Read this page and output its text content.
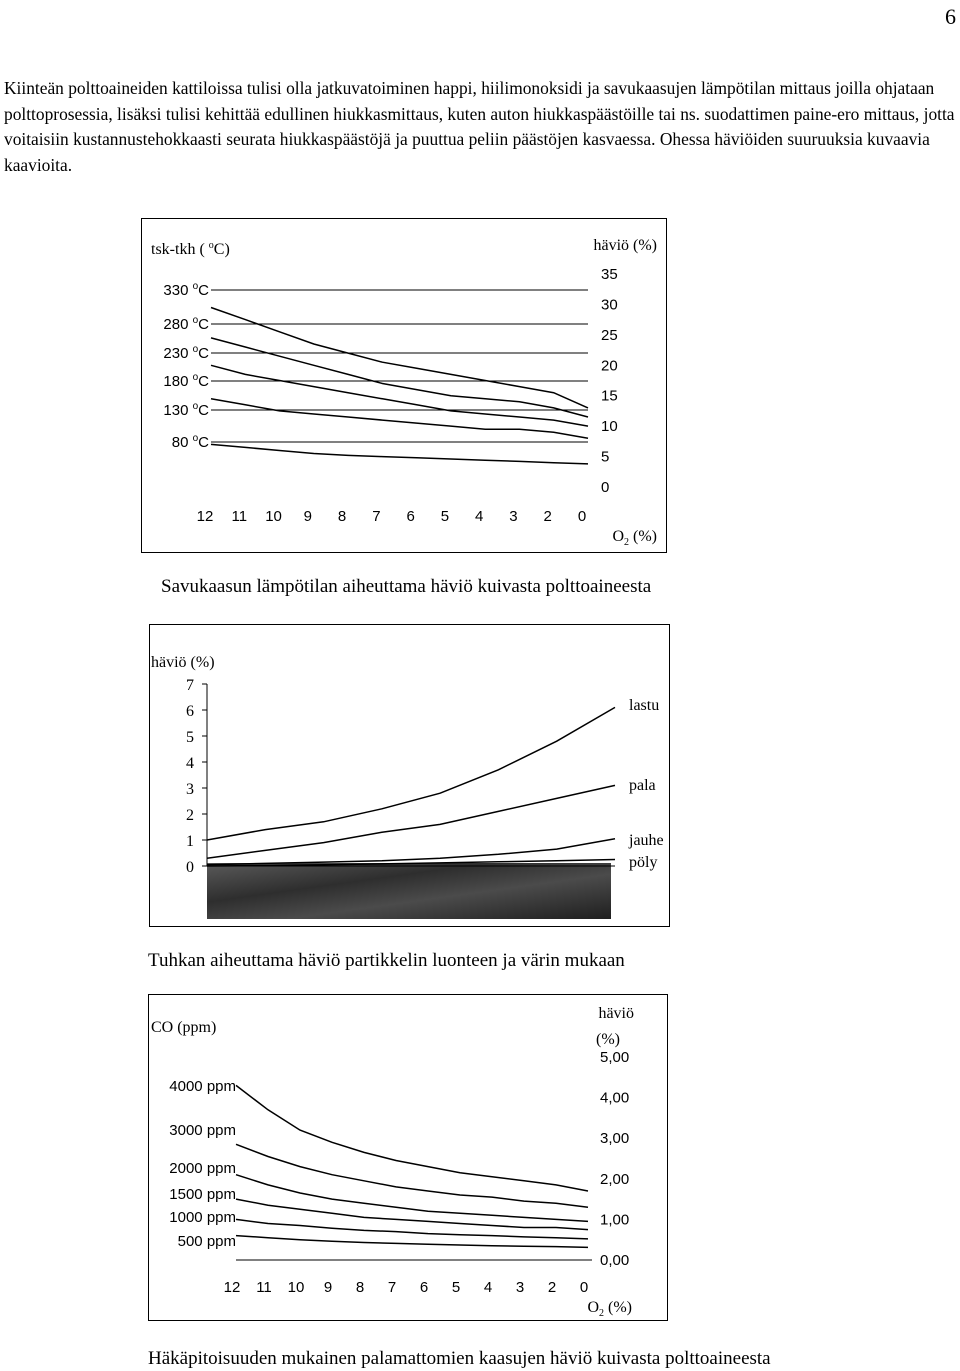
6

Kiinteän polttoaineiden kattiloissa tulisi olla jatkuvatoiminen happi, hiilimonoksidi ja savukaasujen lämpötilan mittaus joilla ohjataan polttoprosessia, lisäksi tulisi kehittää edullinen hiukkasmittaus, kuten auton hiukkaspäästöille tai ns. suodattimen paine-ero mittaus, jotta voitaisiin kustannustehokkaasti seurata hiukkaspäästöjä ja puuttua peliin päästöjen kasvaessa. Ohessa häviöiden suuruuksia kuvaavia kaavioita.

tsk-tkh ( $^o$C)	häviö (%)
35
30
25
20
15
10
5
0
330 $^o$C
280 $^o$C
230 $^o$C
180 $^o$C
130 $^o$C
80 $^o$C
12 11 10 9 8 7 6 5 4 3 2 0
$O_2$ (%)

Savukaasun lämpötilan aiheuttama häviö kuivasta polttoaineesta

häviö (%)
7
6
5
4
3
2
1
0
lastu
pala
jauhe
pöly

Tuhkan aiheuttama häviö partikkelin luonteen ja värin mukaan

CO (ppm)
häviö
(%)
5,00
4,00
3,00
2,00
1,00
0,00
4000 ppm
3000 ppm
2000 ppm
1500 ppm
1000 ppm
500 ppm
12 11 10 9 8 7 6 5 4 3 2 0
$O_2$ (%)

Häkäpitoisuuden mukainen palamattomien kaasujen häviö kuivasta polttoaineesta
